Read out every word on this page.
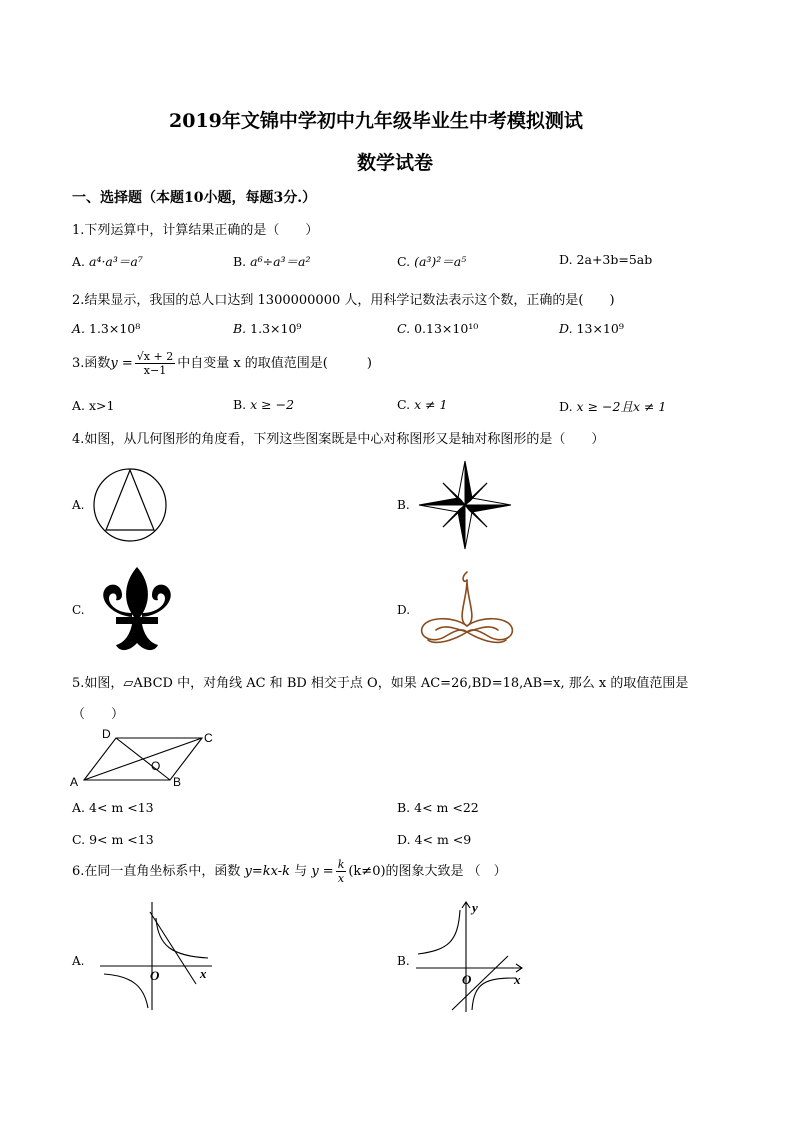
2019年文锦中学初中九年级毕业生中考模拟测试
数学试卷
一、选择题（本题10小题，每题3分.）
1.下列运算中，计算结果正确的是（　　）
A. a⁴·a³＝a⁷	B. a⁶÷a³＝a²	C. (a³)²＝a⁵	D. 2a+3b=5ab
2.结果显示，我国的总人口达到 1300000000 人，用科学记数法表示这个数，正确的是(　　)
A. 1.3×10⁸	B. 1.3×10⁹	C. 0.13×10¹⁰	D. 13×10⁹
3.函数$y = \frac{√x + 2}{x-1}$ 中自变量 x 的取值范围是(　　　)
A. x>1	B. x ≥ −2	C. x ≠ 1	D. x ≥ −2且x ≠ 1
4.如图，从几何图形的角度看，下列这些图案既是中心对称图形又是轴对称图形的是（　　）
A.	B.
C.	D.
5.如图，▱ABCD 中，对角线 AC 和 BD 相交于点 O，如果 AC=26,BD=18,AB=x, 那么 x 的取值范围是
（　　）
D	C
A	B
O
A. 4< m <13	B. 4< m <22
C. 9< m <13	D. 4< m <9
6.在同一直角坐标系中，函数 y=kx-k 与 $y = \frac{k}{x} (k\ne 0)$的图象大致是 （　）
A.
O	x
B.
y
O	x
